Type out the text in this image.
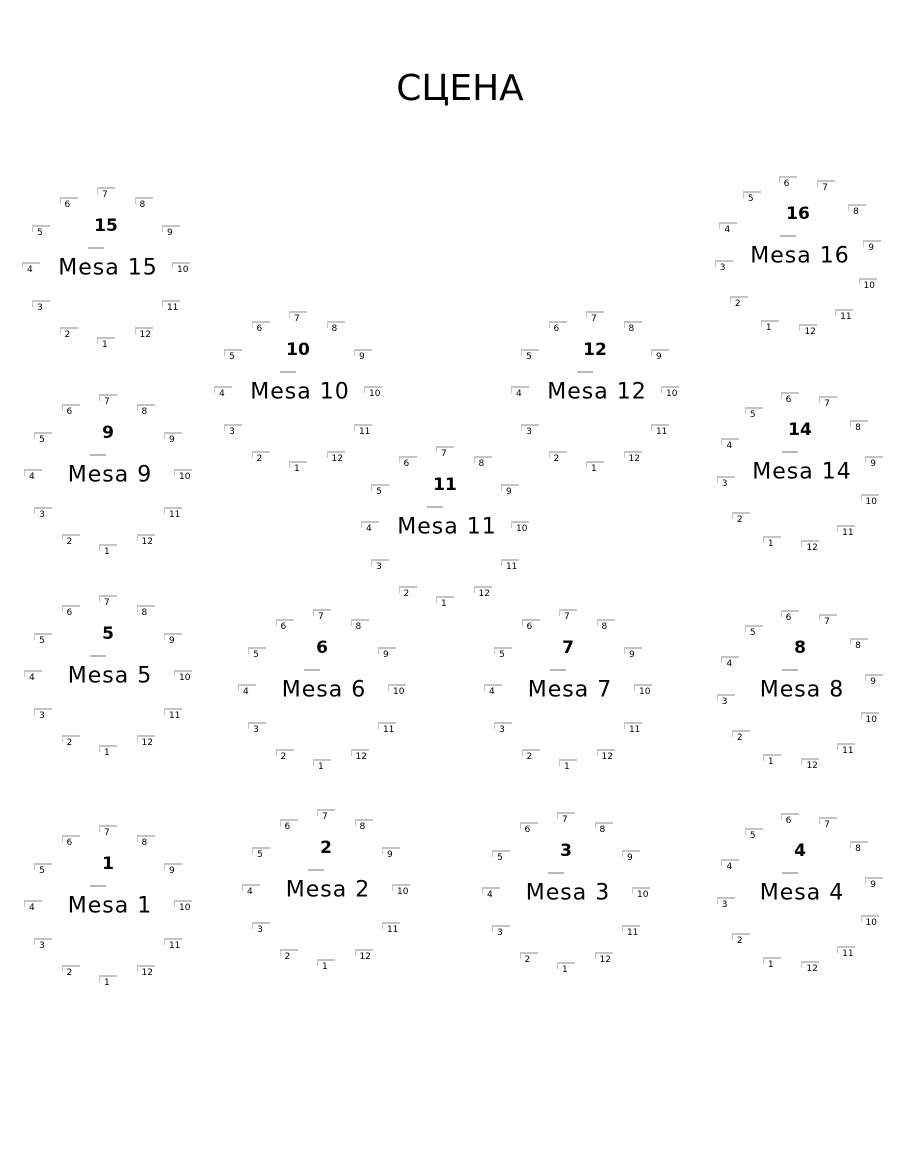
СЦЕНА
1
Mesa 1
1
2
3
4
5
6
7
8
9
10
11
12
2
Mesa 2
1
2
3
4
5
6
7
8
9
10
11
12
3
Mesa 3
1
2
3
4
5
6
7
8
9
10
11
12
4
Mesa 4
1
2
3
4
5
6	7
8
9
10
11
12
5
Mesa 5
1
2
3
4
5
6
7
8
9
10
11
12
6
Mesa 6
1
2
3
4
5
6
7
8
9
10
11
12
7
Mesa 7
1
2
3
4
5
6
7
8
9
10
11
12
8
Mesa 8
1
2
3
4
5
6	7
8
9
10
11
12
9
Mesa 9
1
2
3
4
5
6
7
8
9
10
11
12
10
Mesa 10
1
2
3
4
5
6
7
8
9
10
11
12
11
Mesa 11
1
2
3
4
5
6
7
8
9
10
11
12
12
Mesa 12
1
2
3
4
5
6
7
8
9
10
11
12
14
Mesa 14
1
2
3
4
5
6	7
8
9
10
11
12
15
Mesa 15
1
2
3
4
5
6
7
8
9
10
11
12
16
Mesa 16
1
2
3
4
5
6	7
8
9
10
11
12
